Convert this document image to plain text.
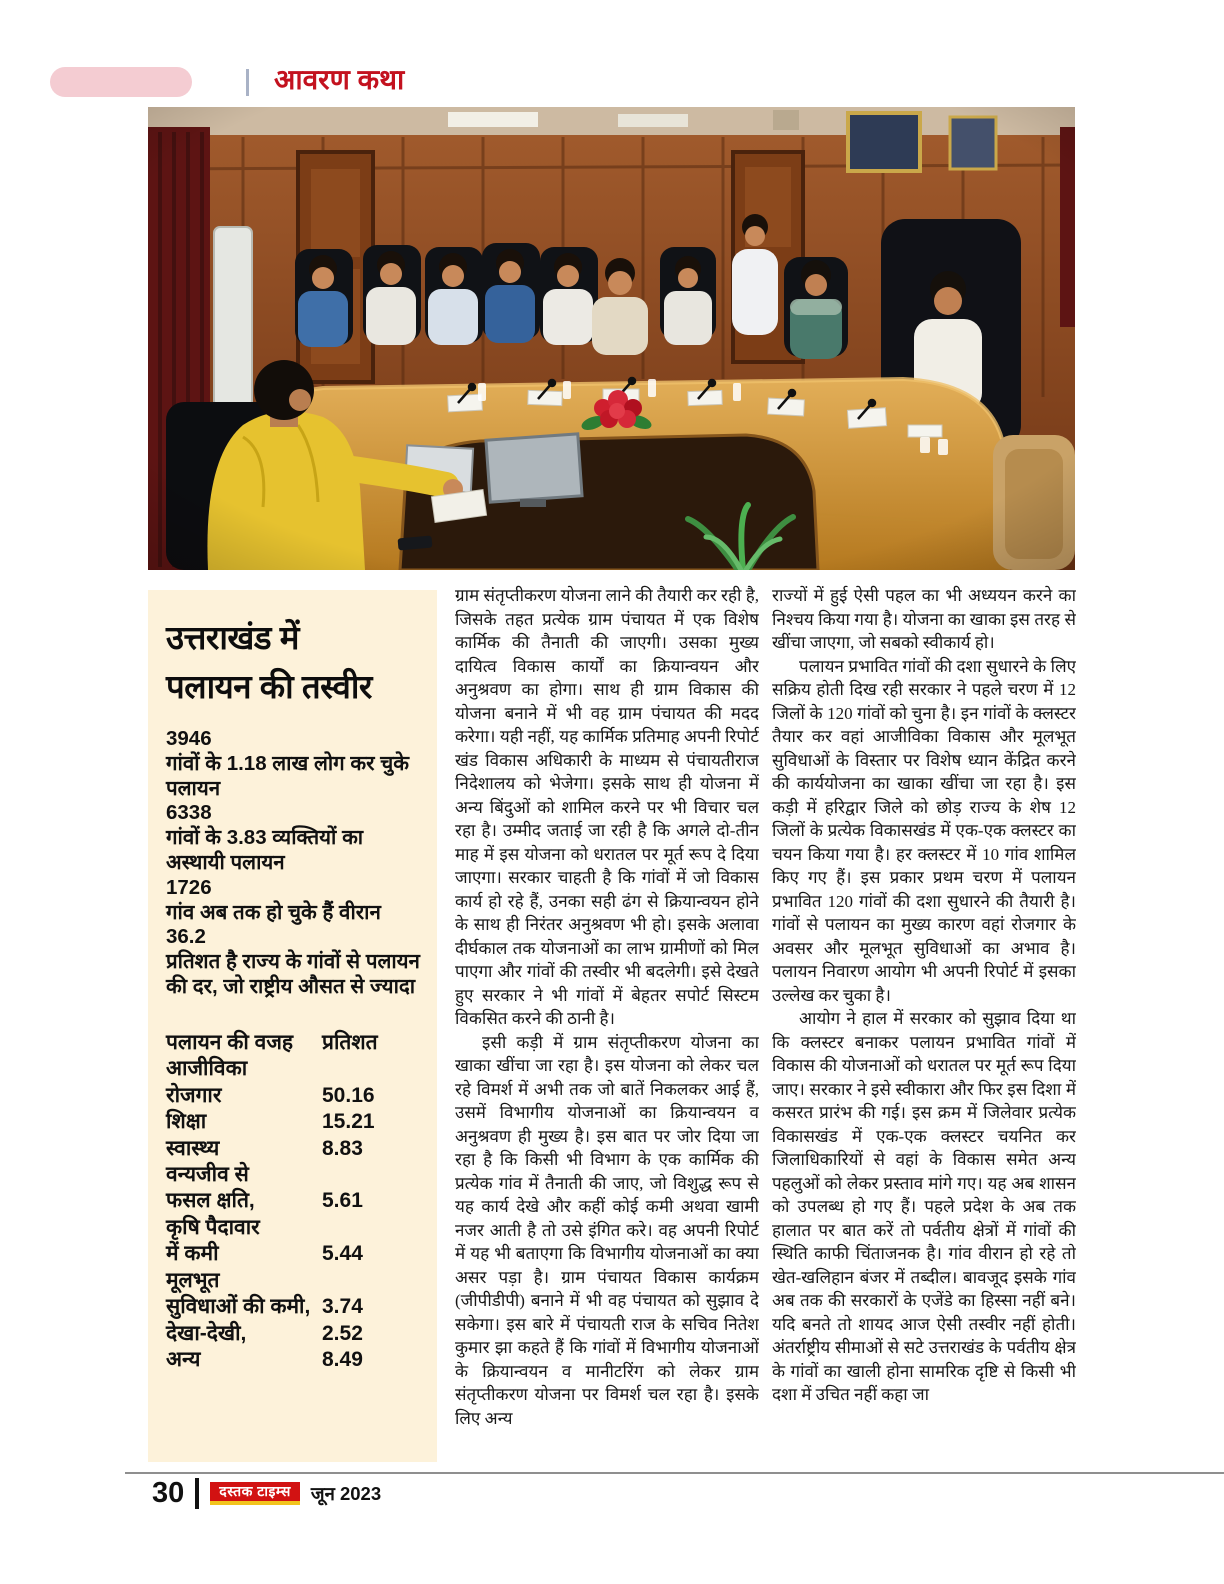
आवरण कथा
उत्तराखंड में
पलायन की तस्वीर
3946
गांवों के 1.18 लाख लोग कर चुके पलायन
6338
गांवों के 3.83 व्यक्तियों का अस्थायी पलायन
1726
गांव अब तक हो चुके हैं वीरान
36.2
प्रतिशत है राज्य के गांवों से पलायन की दर, जो राष्ट्रीय औसत से ज्यादा
पलायन की वजह	प्रतिशत
आजीविका
रोजगार	50.16
शिक्षा	15.21
स्वास्थ्य	8.83
वन्यजीव से
फसल क्षति,	5.61
कृषि पैदावार
में कमी	5.44
मूलभूत
सुविधाओं की कमी, 3.74
देखा-देखी,	2.52
अन्य	8.49

ग्राम संतृप्तीकरण योजना लाने की तैयारी कर रही है, जिसके तहत प्रत्येक ग्राम पंचायत में एक विशेष कार्मिक की तैनाती की जाएगी। उसका मुख्य दायित्व विकास कार्यों का क्रियान्वयन और अनुश्रवण का होगा। साथ ही ग्राम विकास की योजना बनाने में भी वह ग्राम पंचायत की मदद करेगा। यही नहीं, यह कार्मिक प्रतिमाह अपनी रिपोर्ट खंड विकास अधिकारी के माध्यम से पंचायतीराज निदेशालय को भेजेगा। इसके साथ ही योजना में अन्य बिंदुओं को शामिल करने पर भी विचार चल रहा है। उम्मीद जताई जा रही है कि अगले दो-तीन माह में इस योजना को धरातल पर मूर्त रूप दे दिया जाएगा। सरकार चाहती है कि गांवों में जो विकास कार्य हो रहे हैं, उनका सही ढंग से क्रियान्वयन होने के साथ ही निरंतर अनुश्रवण भी हो। इसके अलावा दीर्घकाल तक योजनाओं का लाभ ग्रामीणों को मिल पाएगा और गांवों की तस्वीर भी बदलेगी। इसे देखते हुए सरकार ने भी गांवों में बेहतर सपोर्ट सिस्टम विकसित करने की ठानी है।

इसी कड़ी में ग्राम संतृप्तीकरण योजना का खाका खींचा जा रहा है। इस योजना को लेकर चल रहे विमर्श में अभी तक जो बातें निकलकर आई हैं, उसमें विभागीय योजनाओं का क्रियान्वयन व अनुश्रवण ही मुख्य है। इस बात पर जोर दिया जा रहा है कि किसी भी विभाग के एक कार्मिक की प्रत्येक गांव में तैनाती की जाए, जो विशुद्ध रूप से यह कार्य देखे और कहीं कोई कमी अथवा खामी नजर आती है तो उसे इंगित करे। वह अपनी रिपोर्ट में यह भी बताएगा कि विभागीय योजनाओं का क्या असर पड़ा है। ग्राम पंचायत विकास कार्यक्रम (जीपीडीपी) बनाने में भी वह पंचायत को सुझाव दे सकेगा। इस बारे में पंचायती राज के सचिव नितेश कुमार झा कहते हैं कि गांवों में विभागीय योजनाओं के क्रियान्वयन व मानीटरिंग को लेकर ग्राम संतृप्तीकरण योजना पर विमर्श चल रहा है। इसके लिए अन्य

राज्यों में हुई ऐसी पहल का भी अध्ययन करने का निश्चय किया गया है। योजना का खाका इस तरह से खींचा जाएगा, जो सबको स्वीकार्य हो।

पलायन प्रभावित गांवों की दशा सुधारने के लिए सक्रिय होती दिख रही सरकार ने पहले चरण में 12 जिलों के 120 गांवों को चुना है। इन गांवों के क्लस्टर तैयार कर वहां आजीविका विकास और मूलभूत सुविधाओं के विस्तार पर विशेष ध्यान केंद्रित करने की कार्ययोजना का खाका खींचा जा रहा है। इस कड़ी में हरिद्वार जिले को छोड़ राज्य के शेष 12 जिलों के प्रत्येक विकासखंड में एक-एक क्लस्टर का चयन किया गया है। हर क्लस्टर में 10 गांव शामिल किए गए हैं। इस प्रकार प्रथम चरण में पलायन प्रभावित 120 गांवों की दशा सुधारने की तैयारी है। गांवों से पलायन का मुख्य कारण वहां रोजगार के अवसर और मूलभूत सुविधाओं का अभाव है। पलायन निवारण आयोग भी अपनी रिपोर्ट में इसका उल्लेख कर चुका है।

आयोग ने हाल में सरकार को सुझाव दिया था कि क्लस्टर बनाकर पलायन प्रभावित गांवों में विकास की योजनाओं को धरातल पर मूर्त रूप दिया जाए। सरकार ने इसे स्वीकारा और फिर इस दिशा में कसरत प्रारंभ की गई। इस क्रम में जिलेवार प्रत्येक विकासखंड में एक-एक क्लस्टर चयनित कर जिलाधिकारियों से वहां के विकास समेत अन्य पहलुओं को लेकर प्रस्ताव मांगे गए। यह अब शासन को उपलब्ध हो गए हैं। पहले प्रदेश के अब तक हालात पर बात करें तो पर्वतीय क्षेत्रों में गांवों की स्थिति काफी चिंताजनक है। गांव वीरान हो रहे तो खेत-खलिहान बंजर में तब्दील। बावजूद इसके गांव अब तक की सरकारों के एजेंडे का हिस्सा नहीं बने। यदि बनते तो शायद आज ऐसी तस्वीर नहीं होती। अंतर्राष्ट्रीय सीमाओं से सटे उत्तराखंड के पर्वतीय क्षेत्र के गांवों का खाली होना सामरिक दृष्टि से किसी भी दशा में उचित नहीं कहा जा

30	दस्तक टाइम्स	जून 2023
